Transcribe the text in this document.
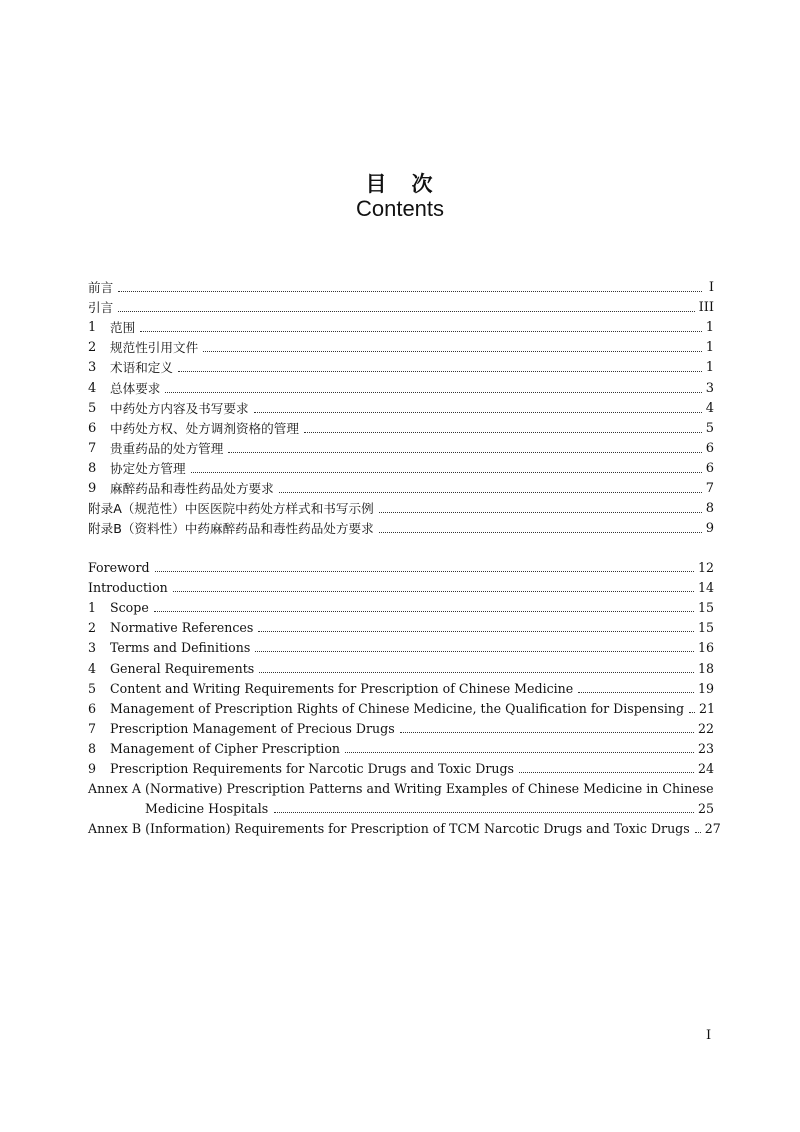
目　次
Contents
前言	I
引言	III
1	范围	1
2	规范性引用文件	1
3	术语和定义	1
4	总体要求	3
5	中药处方内容及书写要求	4
6	中药处方权、处方调剂资格的管理	5
7	贵重药品的处方管理	6
8	协定处方管理	6
9	麻醉药品和毒性药品处方要求	7
附录A（规范性）中医医院中药处方样式和书写示例	8
附录B（资料性）中药麻醉药品和毒性药品处方要求	9
Foreword	12
Introduction	14
1	Scope	15
2	Normative References	15
3	Terms and Definitions	16
4	General Requirements	18
5	Content and Writing Requirements for Prescription of Chinese Medicine	19
6	Management of Prescription Rights of Chinese Medicine, the Qualification for Dispensing 21
7	Prescription Management of Precious Drugs	22
8	Management of Cipher Prescription	23
9	Prescription Requirements for Narcotic Drugs and Toxic Drugs	24
Annex A (Normative) Prescription Patterns and Writing Examples of Chinese Medicine in Chinese
Medicine Hospitals	25
Annex B (Information) Requirements for Prescription of TCM Narcotic Drugs and Toxic Drugs 27
I
